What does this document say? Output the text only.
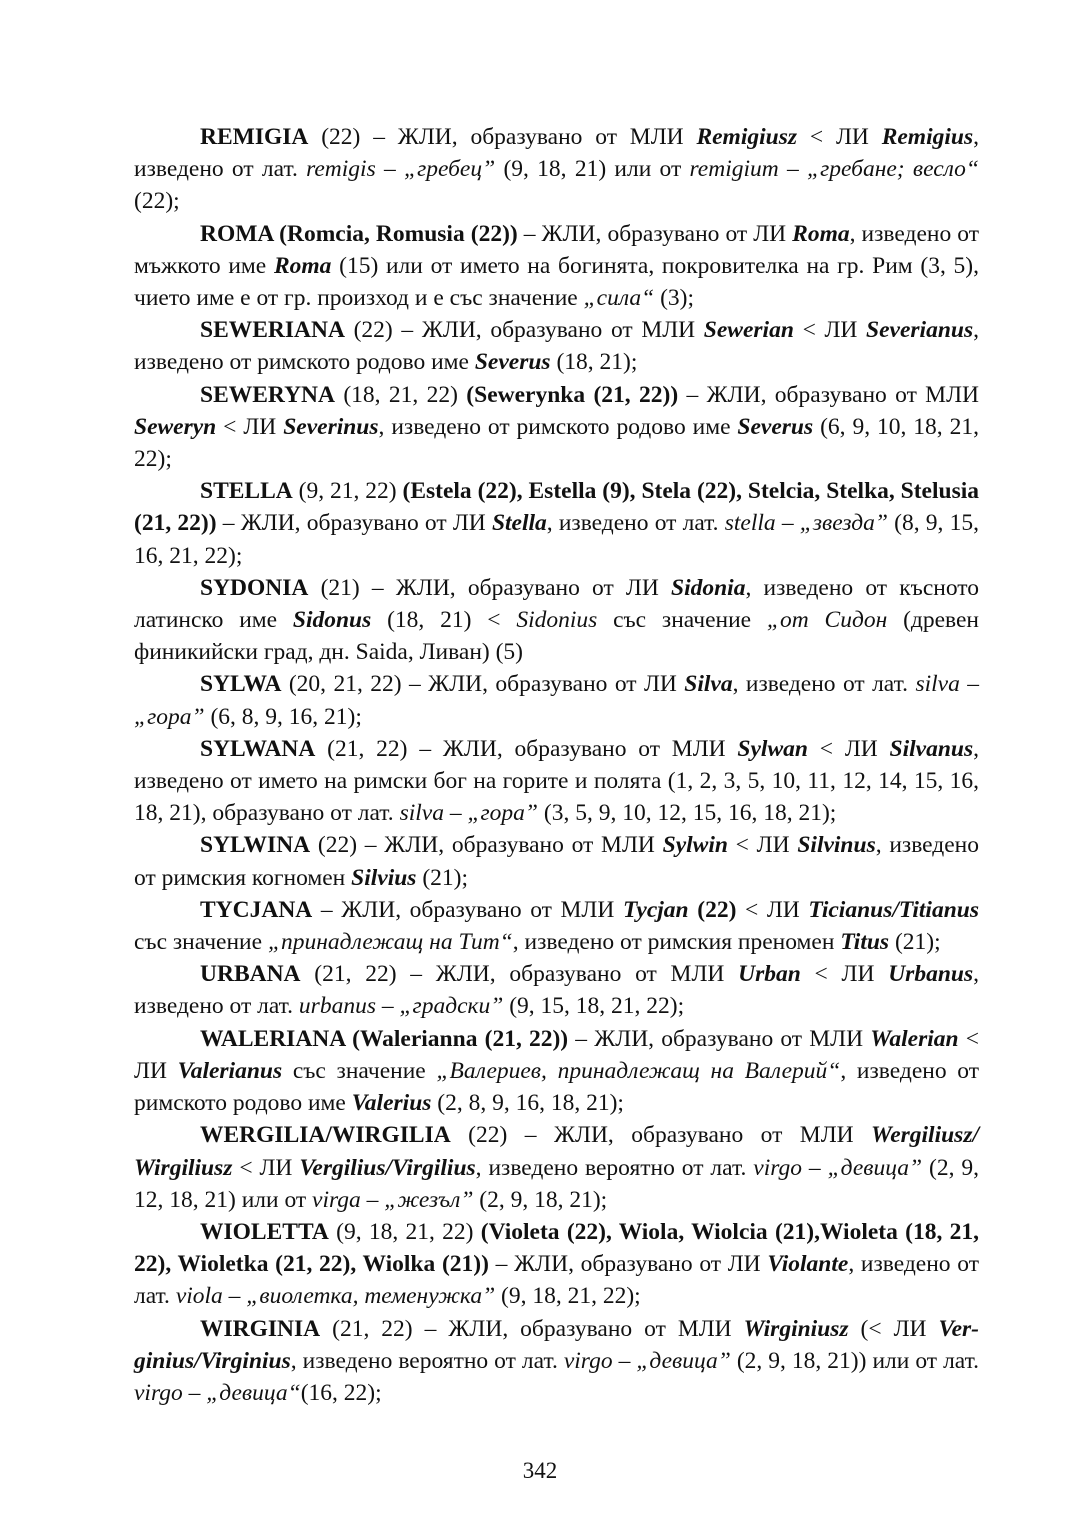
REMIGIA (22) – ЖЛИ, образувано от МЛИ Remigiusz < ЛИ Remigius, изведено от лат. remigis – „гребец” (9, 18, 21) или от remigium – „гребане; весло“ (22);

ROMA (Romcia, Romusia (22)) – ЖЛИ, образувано от ЛИ Roma, изведено от мъжкото име Roma (15) или от името на богинята, покровителка на гр. Рим (3, 5), чието име е от гр. произход и е със значение „сила“ (3);

SEWERIANA (22) – ЖЛИ, образувано от МЛИ Sewerian < ЛИ Severianus, изведено от римското родово име Severus (18, 21);

SEWERYNA (18, 21, 22) (Sewerynka (21, 22)) – ЖЛИ, образувано от МЛИ Seweryn < ЛИ Severinus, изведено от римското родово име Severus (6, 9, 10, 18, 21, 22);

STELLA (9, 21, 22) (Estela (22), Estella (9), Stela (22), Stelcia, Stelka, Stelusia (21, 22)) – ЖЛИ, образувано от ЛИ Stella, изведено от лат. stella – „звезда” (8, 9, 15, 16, 21, 22);

SYDONIA (21) – ЖЛИ, образувано от ЛИ Sidonia, изведено от късното латинско име Sidonus (18, 21) < Sidonius със значение „от Сидон (древен финикийски град, дн. Saida, Ливан) (5)

SYLWA (20, 21, 22) – ЖЛИ, образувано от ЛИ Silva, изведено от лат. silva – „гора” (6, 8, 9, 16, 21);

SYLWANA (21, 22) – ЖЛИ, образувано от МЛИ Sylwan < ЛИ Silvanus, изведено от името на римски бог на горите и полята (1, 2, 3, 5, 10, 11, 12, 14, 15, 16, 18, 21), образувано от лат. silva – „гора” (3, 5, 9, 10, 12, 15, 16, 18, 21);

SYLWINA (22) – ЖЛИ, образувано от МЛИ Sylwin < ЛИ Silvinus, изведено от римския когномен Silvius (21);

TYCJANA – ЖЛИ, образувано от МЛИ Tycjan (22) < ЛИ Ticianus/Titianus със значение „принадлежащ на Тит“, изведено от римския преномен Titus (21);

URBANA (21, 22) – ЖЛИ, образувано от МЛИ Urban < ЛИ Urbanus, изведено от лат. urbanus – „градски” (9, 15, 18, 21, 22);

WALERIANA (Walerianna (21, 22)) – ЖЛИ, образувано от МЛИ Walerian < ЛИ Valerianus със значение „Валериев, принадлежащ на Валерий“, изведено от римското родово име Valerius (2, 8, 9, 16, 18, 21);

WERGILIA/WIRGILIA (22) – ЖЛИ, образувано от МЛИ Wergiliusz/ Wirgiliusz < ЛИ Vergilius/Virgilius, изведено вероятно от лат. virgo – „девица” (2, 9, 12, 18, 21) или от virga – „жезъл” (2, 9, 18, 21);

WIOLETTA (9, 18, 21, 22) (Violeta (22), Wiola, Wiolcia (21),Wioleta (18, 21, 22), Wioletka (21, 22), Wiolka (21)) – ЖЛИ, образувано от ЛИ Violante, изведено от лат. viola – „виолетка, теменужка” (9, 18, 21, 22);

WIRGINIA (21, 22) – ЖЛИ, образувано от МЛИ Wirginiusz (< ЛИ Ver-ginius/Virginius, изведено вероятно от лат. virgo – „девица” (2, 9, 18, 21)) или от лат. virgo – „девица“(16, 22);

342
